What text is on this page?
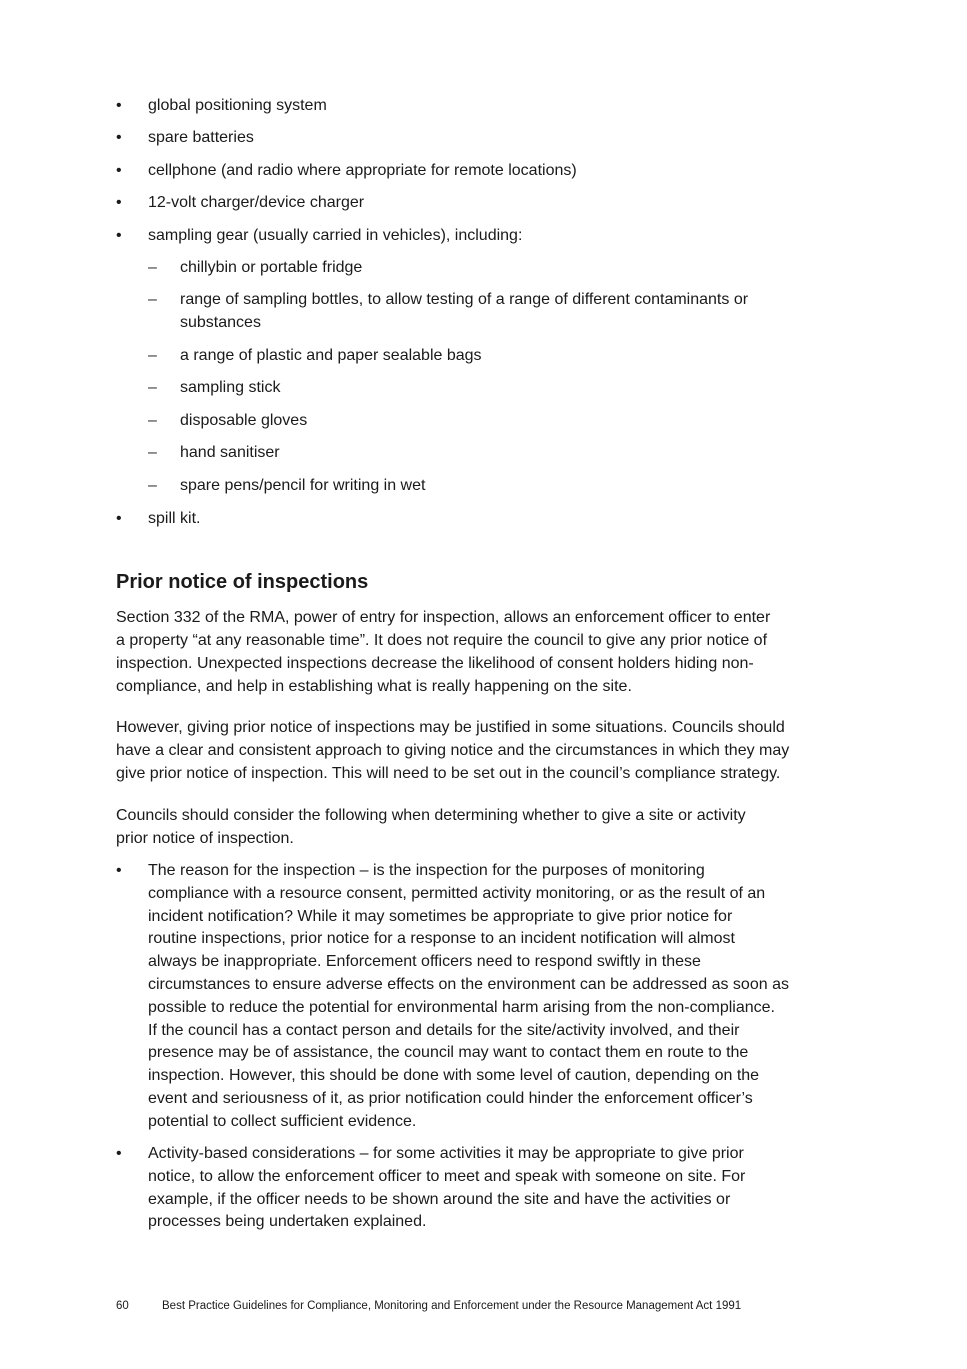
• global positioning system
• spare batteries
• cellphone (and radio where appropriate for remote locations)
• 12-volt charger/device charger
• sampling gear (usually carried in vehicles), including:
– chillybin or portable fridge
– range of sampling bottles, to allow testing of a range of different contaminants or substances
– a range of plastic and paper sealable bags
– sampling stick
– disposable gloves
– hand sanitiser
– spare pens/pencil for writing in wet
• spill kit.
Prior notice of inspections
Section 332 of the RMA, power of entry for inspection, allows an enforcement officer to enter
a property “at any reasonable time”. It does not require the council to give any prior notice of
inspection. Unexpected inspections decrease the likelihood of consent holders hiding non-
compliance, and help in establishing what is really happening on the site.
However, giving prior notice of inspections may be justified in some situations. Councils should
have a clear and consistent approach to giving notice and the circumstances in which they may
give prior notice of inspection. This will need to be set out in the council’s compliance strategy.
Councils should consider the following when determining whether to give a site or activity
prior notice of inspection.
• The reason for the inspection – is the inspection for the purposes of monitoring
compliance with a resource consent, permitted activity monitoring, or as the result of an
incident notification? While it may sometimes be appropriate to give prior notice for
routine inspections, prior notice for a response to an incident notification will almost
always be inappropriate. Enforcement officers need to respond swiftly in these
circumstances to ensure adverse effects on the environment can be addressed as soon as
possible to reduce the potential for environmental harm arising from the non-compliance.
If the council has a contact person and details for the site/activity involved, and their
presence may be of assistance, the council may want to contact them en route to the
inspection. However, this should be done with some level of caution, depending on the
event and seriousness of it, as prior notification could hinder the enforcement officer’s
potential to collect sufficient evidence.
• Activity-based considerations – for some activities it may be appropriate to give prior
notice, to allow the enforcement officer to meet and speak with someone on site. For
example, if the officer needs to be shown around the site and have the activities or
processes being undertaken explained.
60	Best Practice Guidelines for Compliance, Monitoring and Enforcement under the Resource Management Act 1991
